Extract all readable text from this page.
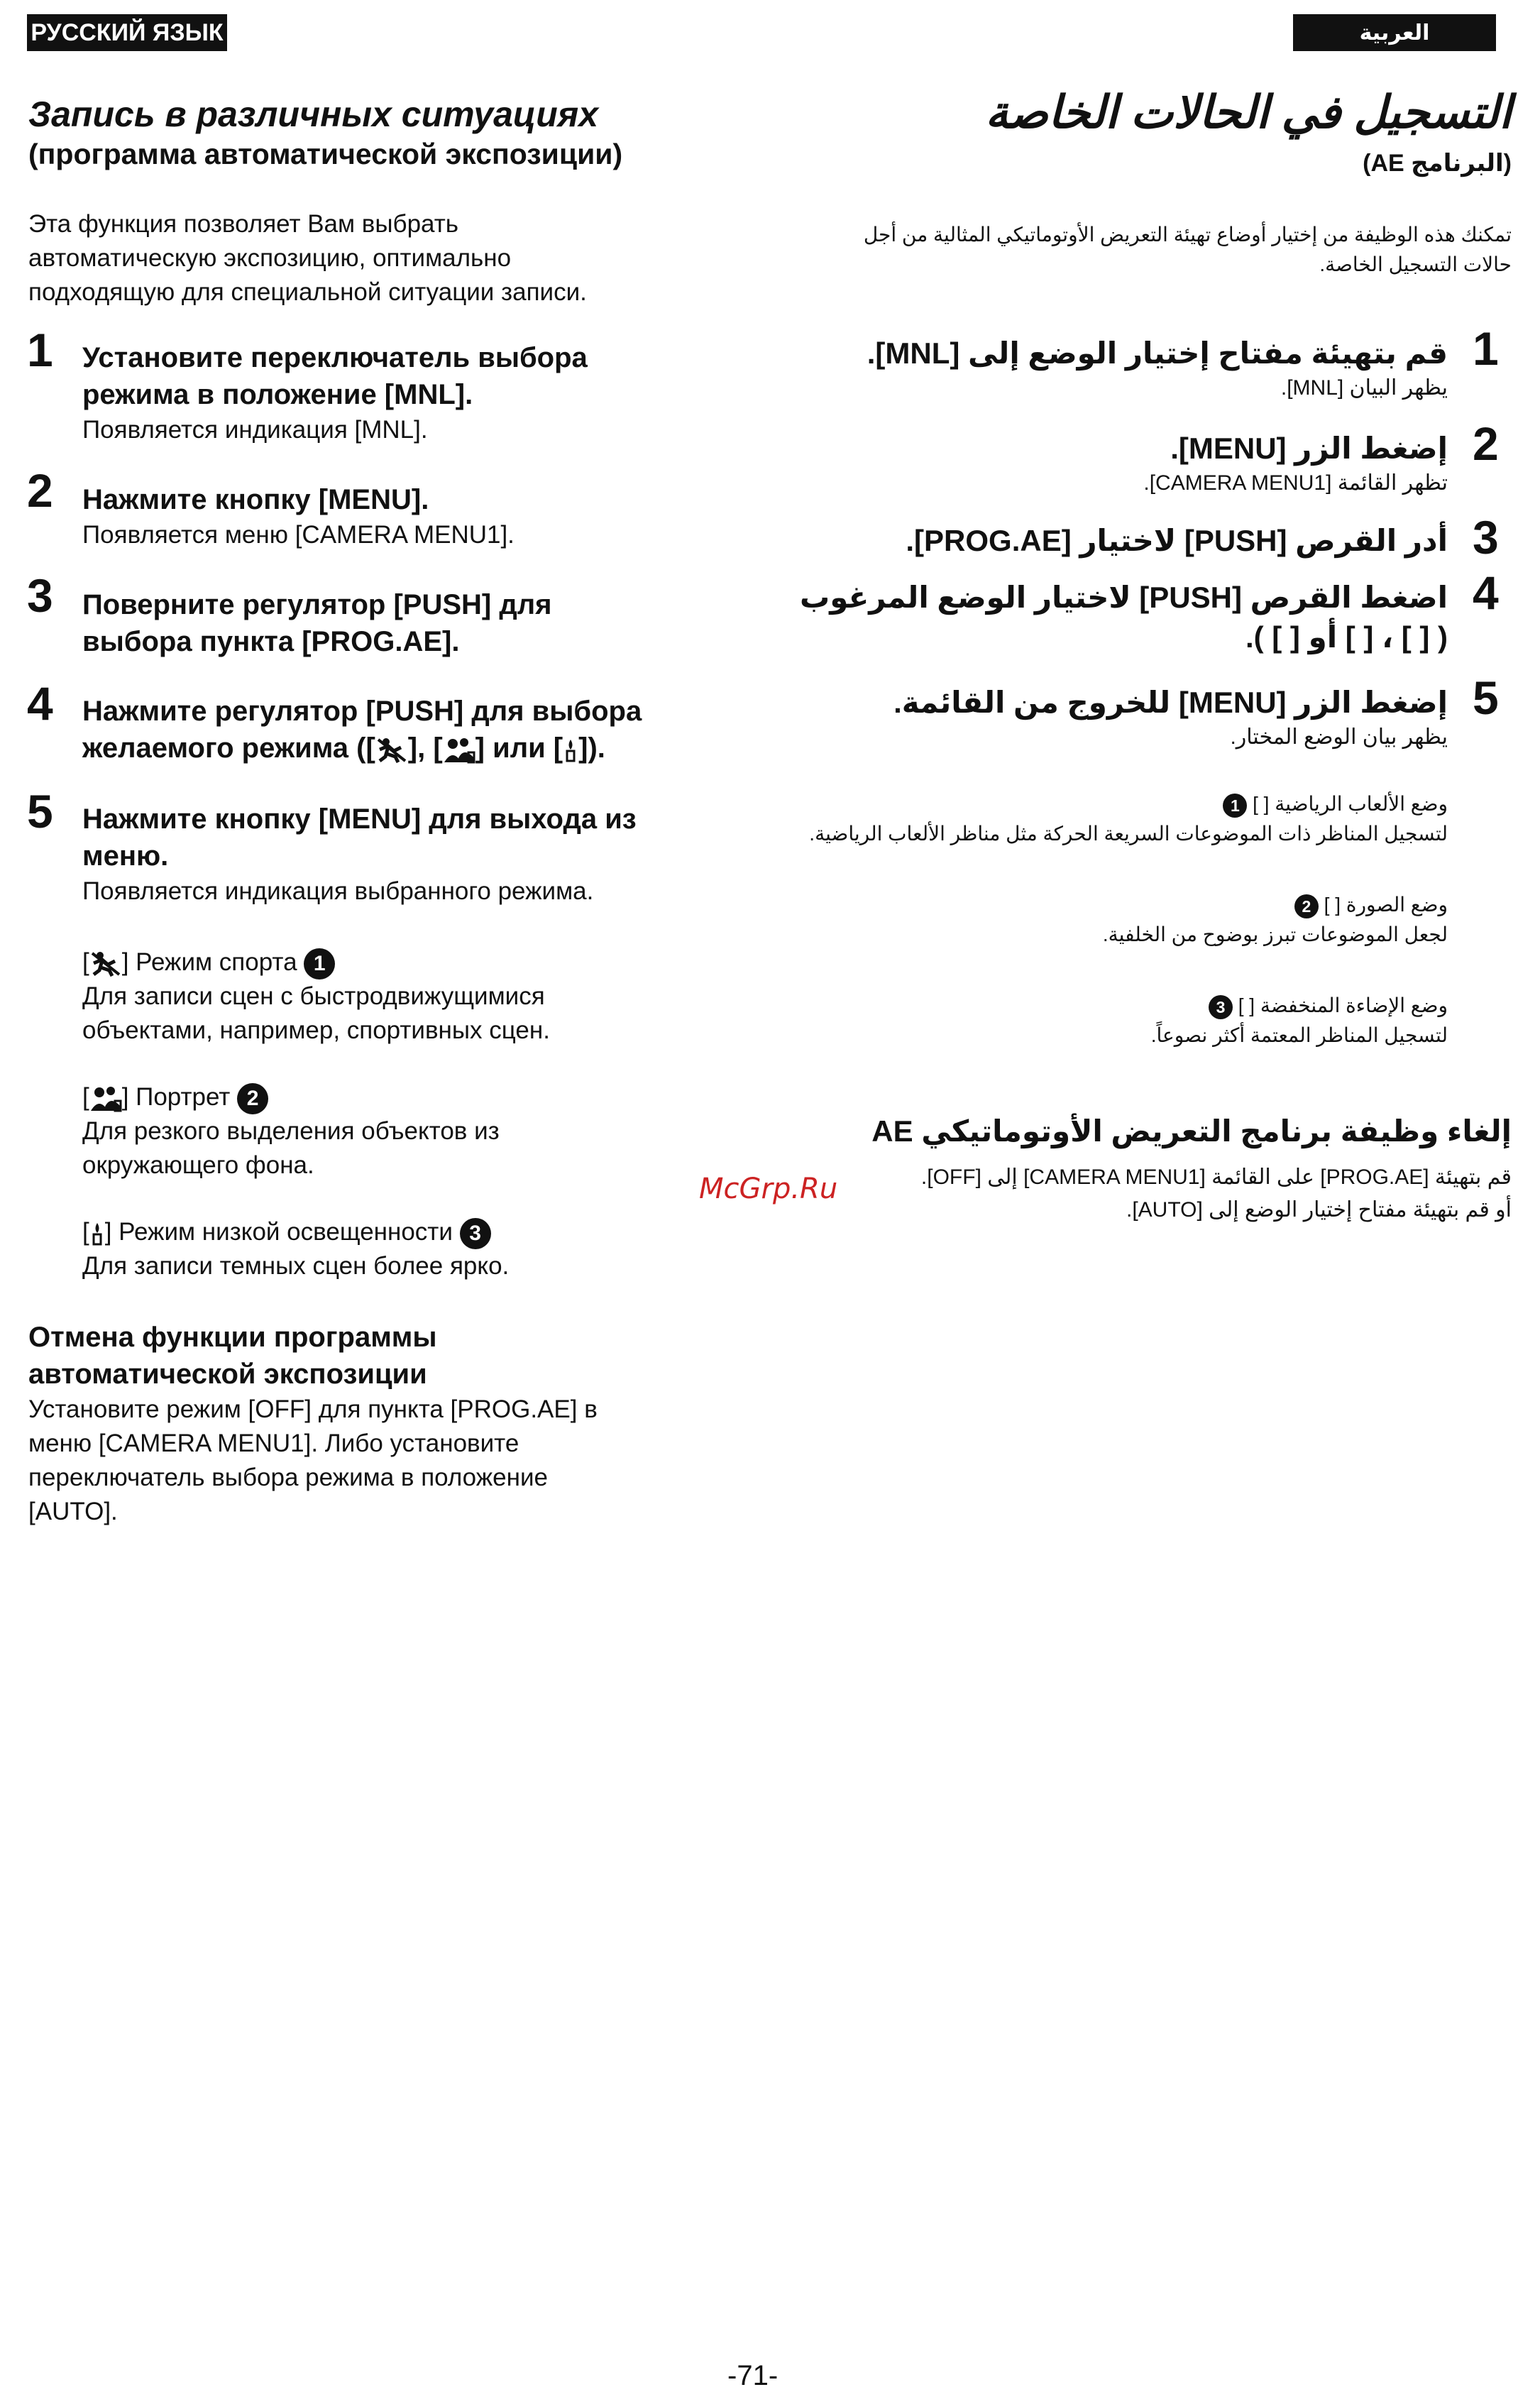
РУССКИЙ ЯЗЫК	العربية
Запись в различных ситуациях
(программа автоматической экспозиции)
Эта функция позволяет Вам выбрать
автоматическую экспозицию, оптимально
подходящую для специальной ситуации записи.
1 Установите переключатель выбора
режима в положение [MNL].
Появляется индикация [MNL].
2 Нажмите кнопку [MENU].
Появляется меню [CAMERA MENU1].
3 Поверните регулятор [PUSH] для
выбора пункта [PROG.AE].
4 Нажмите регулятор [PUSH] для выбора
желаемого режима ([ ], [ ] или [ ]).
5 Нажмите кнопку [MENU] для выхода из
меню.
Появляется индикация выбранного режима.
[ ] Режим спорта 1
Для записи сцен с быстродвижущимися
объектами, например, спортивных сцен.
[ ] Портрет 2
Для резкого выделения объектов из
окружающего фона.
[ ] Режим низкой освещенности 3
Для записи темных сцен более ярко.
Отмена функции программы
автоматической экспозиции
Установите режим [OFF] для пункта [PROG.AE] в
меню [CAMERA MENU1]. Либо установите
переключатель выбора режима в положение
[AUTO].
التسجيل في الحالات الخاصة
(البرنامج AE)
تمكنك هذه الوظيفة من إختيار أوضاع تهيئة التعريض الأوتوماتيكي المثالية من أجل
حالات التسجيل الخاصة.
1
قم بتهيئة مفتاح إختيار الوضع إلى [MNL].
يظهر البيان [MNL].
2
إضغط الزر [MENU].
تظهر القائمة [CAMERA MENU1].
3
أدر القرص [PUSH] لاختيار [PROG.AE].
4
اضغط القرص [PUSH] لاختيار الوضع المرغوب
( [ ] ، [ ] أو [ ] ).
5
إضغط الزر [MENU] للخروج من القائمة.
يظهر بيان الوضع المختار.
وضع الألعاب الرياضية [ ] 1
لتسجيل المناظر ذات الموضوعات السريعة الحركة مثل مناظر الألعاب الرياضية.
وضع الصورة [ ] 2
لجعل الموضوعات تبرز بوضوح من الخلفية.
وضع الإضاءة المنخفضة [ ] 3
لتسجيل المناظر المعتمة أكثر نصوعاً.
إلغاء وظيفة برنامج التعريض الأوتوماتيكي AE
قم بتهيئة [PROG.AE] على القائمة [CAMERA MENU1] إلى [OFF].
أو قم بتهيئة مفتاح إختيار الوضع إلى [AUTO].
McGrp.Ru
-71-
